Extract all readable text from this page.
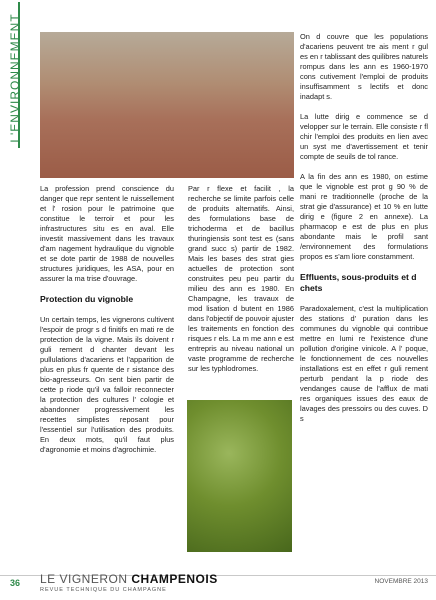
L'ENVIRONNEMENT

La profession prend conscience du danger que repr sentent le ruissellement et l' rosion pour le patrimoine que constitue le terroir et pour les infrastructures situ es en aval. Elle investit massivement dans les travaux d'am nagement hydraulique du vignoble et se dote partir de 1988 de nouvelles structures juridiques, les ASA, pour en assurer la ma trise d'ouvrage.

Protection du vignoble

Un certain temps, les vignerons cultivent l'espoir de progr s d finitifs en mati re de protection de la vigne. Mais ils doivent r guli rement d chanter devant les pullulations d'acariens et l'apparition de plus en plus fr quente de r sistance des bio-agresseurs. On sent bien partir de cette p riode qu'il va falloir reconnecter la protection des cultures l' cologie et abandonner progressivement les recettes simplistes reposant pour l'essentiel sur l'utilisation des produits. En deux mots, qu'il faut plus d'agronomie et moins d'agrochimie.

Par r flexe et facilit , la recherche se limite parfois celle de produits alternatifs. Ainsi, des formulations base de trichoderma et de bacillus thuringiensis sont test es (sans grand succ s) partir de 1982. Mais les bases des strat gies actuelles de protection sont construites peu peu partir du milieu des ann es 1980. En Champagne, les travaux de mod lisation d butent en 1986 dans l'objectif de pouvoir ajuster les traitements en fonction des risques r els. La m me ann e est entrepris au niveau national un vaste programme de recherche sur les typhlodromes.

On d couvre que les populations d'acariens peuvent tre ais ment r gul es en r tablissant des quilibres naturels rompus dans les ann es 1960-1970 cons cutivement l'emploi de produits insuffisamment s lectifs et donc inadapt s.

La lutte dirig e commence se d velopper sur le terrain. Elle consiste r fl chir l'emploi des produits en lien avec un syst me d'avertissement et tenir compte de seuils de tol rance.

A la fin des ann es 1980, on estime que le vignoble est prot g 90 % de mani re traditionnelle (proche de la strat gie d'assurance) et 10 % en lutte dirig e (figure 2 en annexe). La pharmacop e est de plus en plus abondante mais le profil sant /environnement des formulations propos es s'am liore constamment.

Effluents, sous-produits et d chets

Paradoxalement, c'est la multiplication des stations d' puration dans les communes du vignoble qui contribue mettre en lumi re l'existence d'une pollution d'origine vinicole. A l' poque, le fonctionnement de ces nouvelles installations est en effet r guli rement perturb pendant la p riode des vendanges cause de l'afflux de mati res organiques issues des eaux de lavages des pressoirs ou des cuves. D s

36 LE VIGNERON CHAMPENOIS
REVUE TECHNIQUE DU CHAMPAGNE
NOVEMBRE 2013
